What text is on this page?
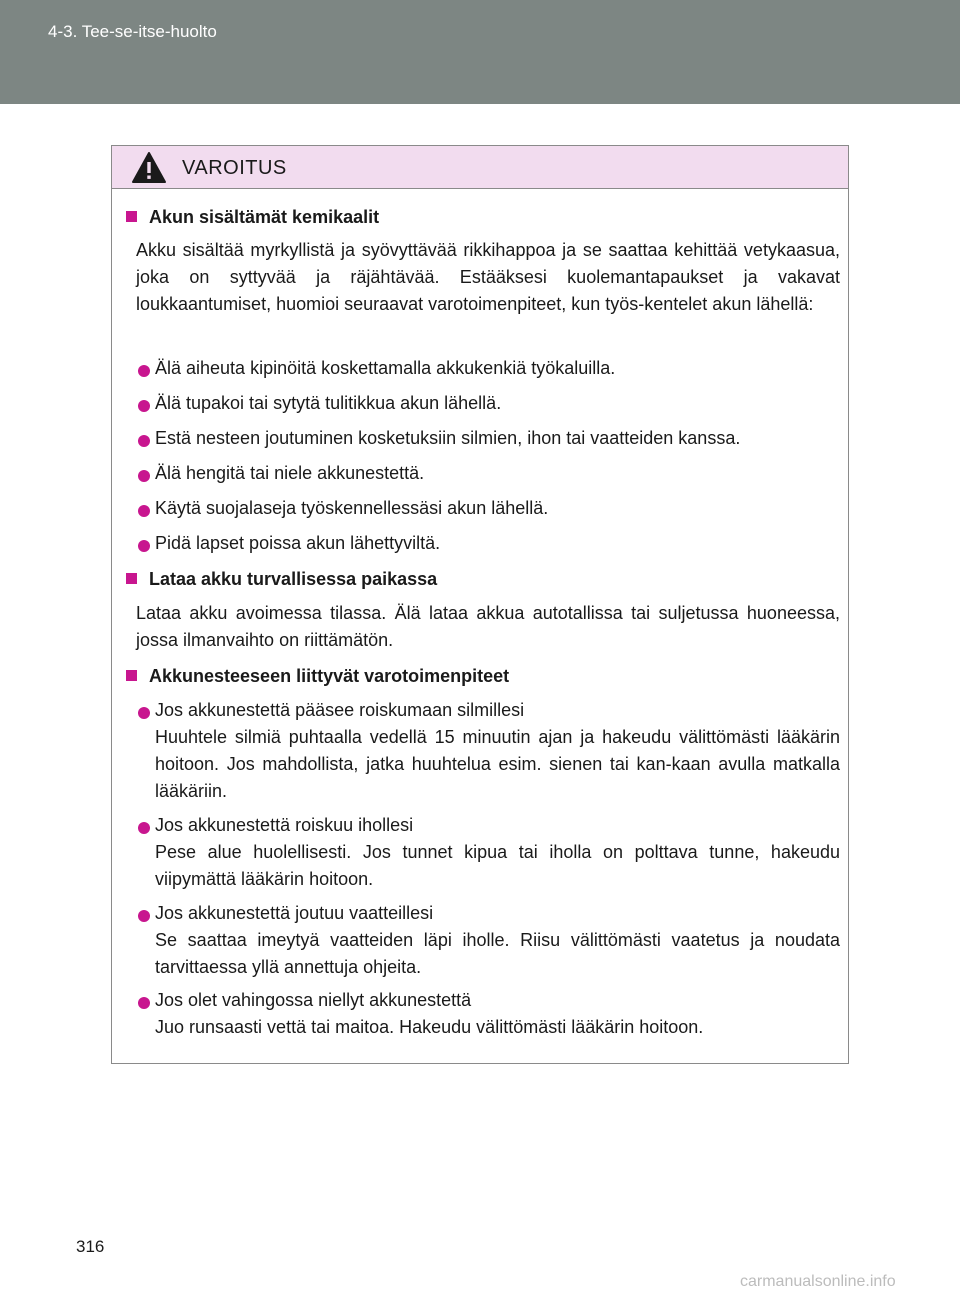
4-3. Tee-se-itse-huolto
VAROITUS
Akun sisältämät kemikaalit
Akku sisältää myrkyllistä ja syövyttävää rikkihappoa ja se saattaa kehittää vetykaasua, joka on syttyvää ja räjähtävää. Estääksesi kuolemantapaukset ja vakavat loukkaantumiset, huomioi seuraavat varotoimenpiteet, kun työs-kentelet akun lähellä:
Älä aiheuta kipinöitä koskettamalla akkukenkiä työkaluilla.
Älä tupakoi tai sytytä tulitikkua akun lähellä.
Estä nesteen joutuminen kosketuksiin silmien, ihon tai vaatteiden kanssa.
Älä hengitä tai niele akkunestettä.
Käytä suojalaseja työskennellessäsi akun lähellä.
Pidä lapset poissa akun lähettyviltä.
Lataa akku turvallisessa paikassa
Lataa akku avoimessa tilassa. Älä lataa akkua autotallissa tai suljetussa huoneessa, jossa ilmanvaihto on riittämätön.
Akkunesteeseen liittyvät varotoimenpiteet
Jos akkunestettä pääsee roiskumaan silmillesi
Huuhtele silmiä puhtaalla vedellä 15 minuutin ajan ja hakeudu välittömästi lääkärin hoitoon. Jos mahdollista, jatka huuhtelua esim. sienen tai kan-kaan avulla matkalla lääkäriin.
Jos akkunestettä roiskuu ihollesi
Pese alue huolellisesti. Jos tunnet kipua tai iholla on polttava tunne, hakeudu viipymättä lääkärin hoitoon.
Jos akkunestettä joutuu vaatteillesi
Se saattaa imeytyä vaatteiden läpi iholle. Riisu välittömästi vaatetus ja noudata tarvittaessa yllä annettuja ohjeita.
Jos olet vahingossa niellyt akkunestettä
Juo runsaasti vettä tai maitoa. Hakeudu välittömästi lääkärin hoitoon.
316
carmanualsonline.info
